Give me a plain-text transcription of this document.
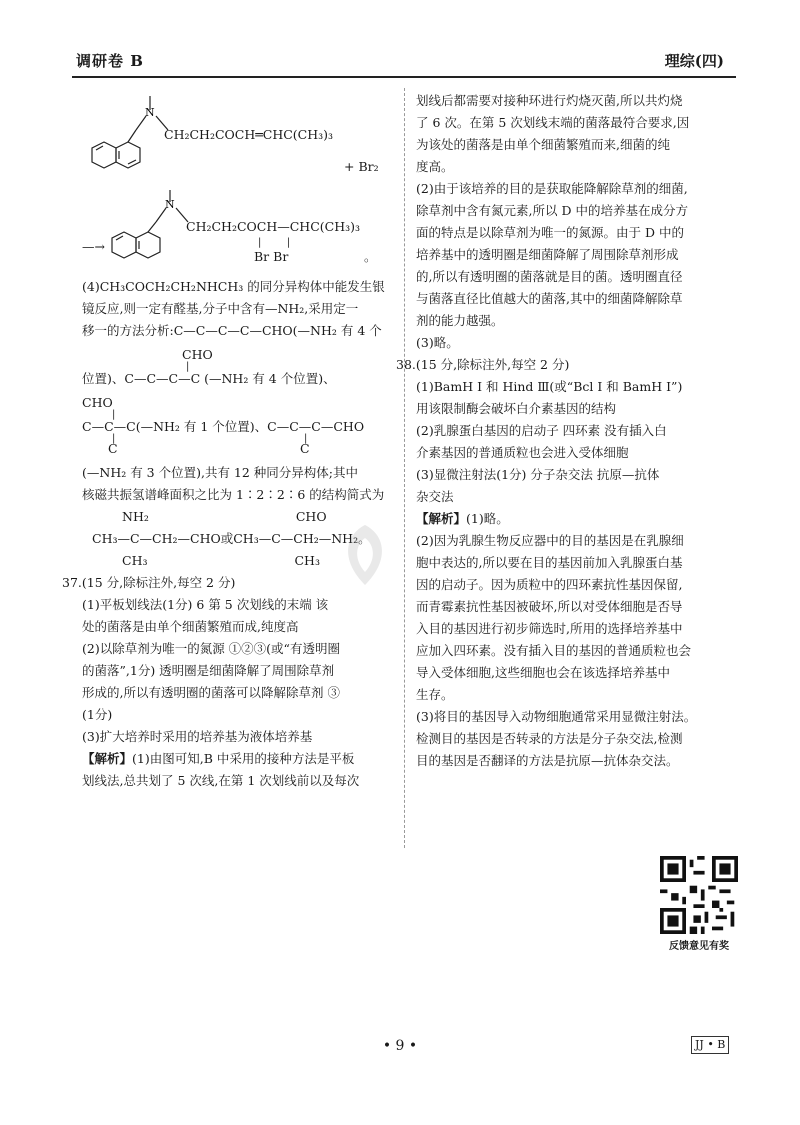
调研卷 B	理综(四)
N
CH₂CH₂COCH═CHC(CH₃)₃
+ Br₂
N
—→
CH₂CH₂COCH—CHC(CH₃)₃
|        |
Br Br	。

(4)CH₃COCH₂CH₂NHCH₃ 的同分异构体中能发生银

镜反应,则一定有醛基,分子中含有—NH₂,采用定一

移一的方法分析:C—C—C—C—CHO(—NH₂ 有 4 个

CHO
|
位置)、C—C—C—C (—NH₂ 有 4 个位置)、
CHO
|
C—C—C(—NH₂ 有 1 个位置)、C—C—C—CHO
|
C
|
C

(—NH₂ 有 3 个位置),共有 12 种同分异构体;其中

核磁共振氢谱峰面积之比为 1∶2∶2∶6 的结构简式为

NH₂                                     CHO
CH₃—C—CH₂—CHO或CH₃—C—CH₂—NH₂。
CH₃                                     CH₃

37.(15 分,除标注外,每空 2 分)

(1)平板划线法(1分) 6 第 5 次划线的末端 该

处的菌落是由单个细菌繁殖而成,纯度高

(2)以除草剂为唯一的氮源 ①②③(或“有透明圈

的菌落”,1分) 透明圈是细菌降解了周围除草剂

形成的,所以有透明圈的菌落可以降解除草剂 ③

(1分)

(3)扩大培养时采用的培养基为液体培养基

【解析】(1)由图可知,B 中采用的接种方法是平板

划线法,总共划了 5 次线,在第 1 次划线前以及每次

划线后都需要对接种环进行灼烧灭菌,所以共灼烧

了 6 次。在第 5 次划线末端的菌落最符合要求,因

为该处的菌落是由单个细菌繁殖而来,细菌的纯

度高。

(2)由于该培养的目的是获取能降解除草剂的细菌,

除草剂中含有氮元素,所以 D 中的培养基在成分方

面的特点是以除草剂为唯一的氮源。由于 D 中的

培养基中的透明圈是细菌降解了周围除草剂形成

的,所以有透明圈的菌落就是目的菌。透明圈直径

与菌落直径比值越大的菌落,其中的细菌降解除草

剂的能力越强。

(3)略。

38.(15 分,除标注外,每空 2 分)

(1)BamH Ⅰ 和 Hind Ⅲ(或“Bcl Ⅰ 和 BamH Ⅰ”)

用该限制酶会破坏白介素基因的结构

(2)乳腺蛋白基因的启动子 四环素 没有插入白

介素基因的普通质粒也会进入受体细胞

(3)显微注射法(1分) 分子杂交法 抗原—抗体

杂交法

【解析】(1)略。

(2)因为乳腺生物反应器中的目的基因是在乳腺细

胞中表达的,所以要在目的基因前加入乳腺蛋白基

因的启动子。因为质粒中的四环素抗性基因保留,

而青霉素抗性基因被破坏,所以对受体细胞是否导

入目的基因进行初步筛选时,所用的选择培养基中

应加入四环素。没有插入目的基因的普通质粒也会

导入受体细胞,这些细胞也会在该选择培养基中

生存。

(3)将目的基因导入动物细胞通常采用显微注射法。

检测目的基因是否转录的方法是分子杂交法,检测

目的基因是否翻译的方法是抗原—抗体杂交法。

反馈意见有奖
• 9 •	JJ • B
